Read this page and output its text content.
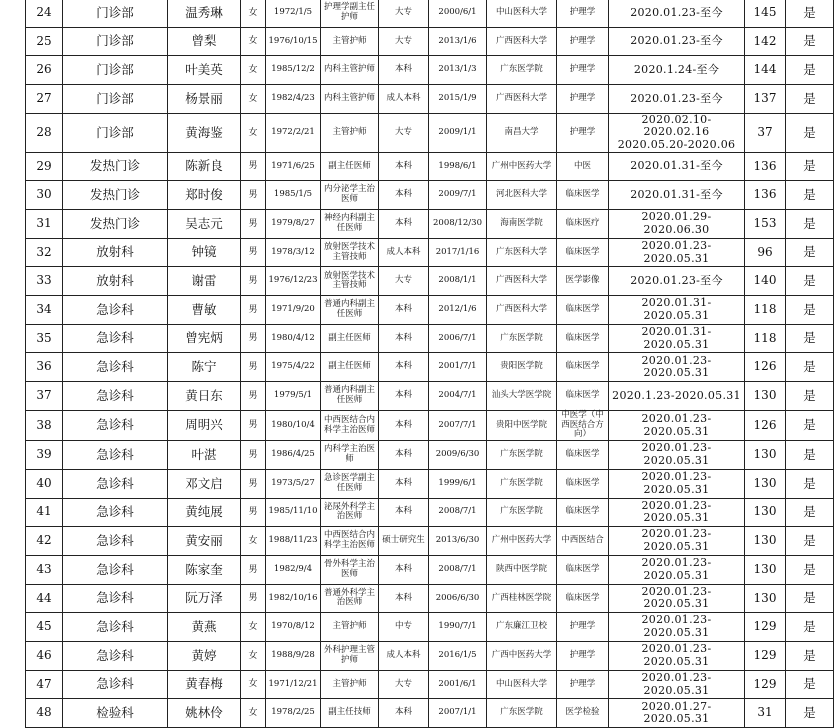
24	门诊部	温秀琳	女	1972/1/5	护理学副主任护师	大专	2000/6/1	中山医科大学	护理学	2020.01.23-至今	145	是
25	门诊部	曾梨	女	1976/10/15	主管护师	大专	2013/1/6	广西医科大学	护理学	2020.01.23-至今	142	是
26	门诊部	叶美英	女	1985/12/2	内科主管护师	本科	2013/1/3	广东医学院	护理学	2020.1.24-至今	144	是
27	门诊部	杨景丽	女	1982/4/23	内科主管护师	成人本科	2015/1/9	广西医科大学	护理学	2020.01.23-至今	137	是
28	门诊部	黄海鉴	女	1972/2/21	主管护师	大专	2009/1/1	南昌大学	护理学	2020.02.10-2020.02.16 2020.05.20-2020.06	37	是
29	发热门诊	陈新良	男	1971/6/25	副主任医师	本科	1998/6/1	广州中医药大学	中医	2020.01.31-至今	136	是
30	发热门诊	郑时俊	男	1985/1/5	内分泌学主治医师	本科	2009/7/1	河北医科大学	临床医学	2020.01.31-至今	136	是
31	发热门诊	吴志元	男	1979/8/27	神经内科副主任医师	本科	2008/12/30	海南医学院	临床医疗	2020.01.29-2020.06.30	153	是
32	放射科	钟镜	男	1978/3/12	放射医学技术主管技师	成人本科	2017/1/16	广东医科大学	临床医学	2020.01.23-2020.05.31	96	是
33	放射科	谢雷	男	1976/12/23	放射医学技术主管技师	大专	2008/1/1	广西医科大学	医学影像	2020.01.23-至今	140	是
34	急诊科	曹敏	男	1971/9/20	普通内科副主任医师	本科	2012/1/6	广西医科大学	临床医学	2020.01.31-2020.05.31	118	是
35	急诊科	曾宪炳	男	1980/4/12	副主任医师	本科	2006/7/1	广东医学院	临床医学	2020.01.31-2020.05.31	118	是
36	急诊科	陈宁	男	1975/4/22	副主任医师	本科	2001/7/1	贵阳医学院	临床医学	2020.01.23-2020.05.31	126	是
37	急诊科	黄日东	男	1979/5/1	普通内科副主任医师	本科	2004/7/1	汕头大学医学院	临床医学	2020.1.23-2020.05.31	130	是
38	急诊科	周明兴	男	1980/10/4	中西医结合内科学主治医师	本科	2007/7/1	贵阳中医学院	中医学（中西医结合方向）	2020.01.23-2020.05.31	126	是
39	急诊科	叶湛	男	1986/4/25	内科学主治医师	本科	2009/6/30	广东医学院	临床医学	2020.01.23-2020.05.31	130	是
40	急诊科	邓文启	男	1973/5/27	急诊医学副主任医师	本科	1999/6/1	广东医学院	临床医学	2020.01.23-2020.05.31	130	是
41	急诊科	黄纯展	男	1985/11/10	泌尿外科学主治医师	本科	2008/7/1	广东医学院	临床医学	2020.01.23-2020.05.31	130	是
42	急诊科	黄安丽	女	1988/11/23	中西医结合内科学主治医师	硕士研究生	2013/6/30	广州中医药大学	中西医结合	2020.01.23-2020.05.31	130	是
43	急诊科	陈家奎	男	1982/9/4	骨外科学主治医师	本科	2008/7/1	陕西中医学院	临床医学	2020.01.23-2020.05.31	130	是
44	急诊科	阮万泽	男	1982/10/16	普通外科学主治医师	本科	2006/6/30	广西桂林医学院	临床医学	2020.01.23-2020.05.31	130	是
45	急诊科	黄燕	女	1970/8/12	主管护师	中专	1990/7/1	广东廉江卫校	护理学	2020.01.23-2020.05.31	129	是
46	急诊科	黄婷	女	1988/9/28	外科护理主管护师	成人本科	2016/1/5	广西中医药大学	护理学	2020.01.23-2020.05.31	129	是
47	急诊科	黄春梅	女	1971/12/21	主管护师	大专	2001/6/1	中山医科大学	护理学	2020.01.23-2020.05.31	129	是
48	检验科	姚林伶	女	1978/2/25	副主任技师	本科	2007/1/1	广东医学院	医学检验	2020.01.27-2020.05.31	31	是
